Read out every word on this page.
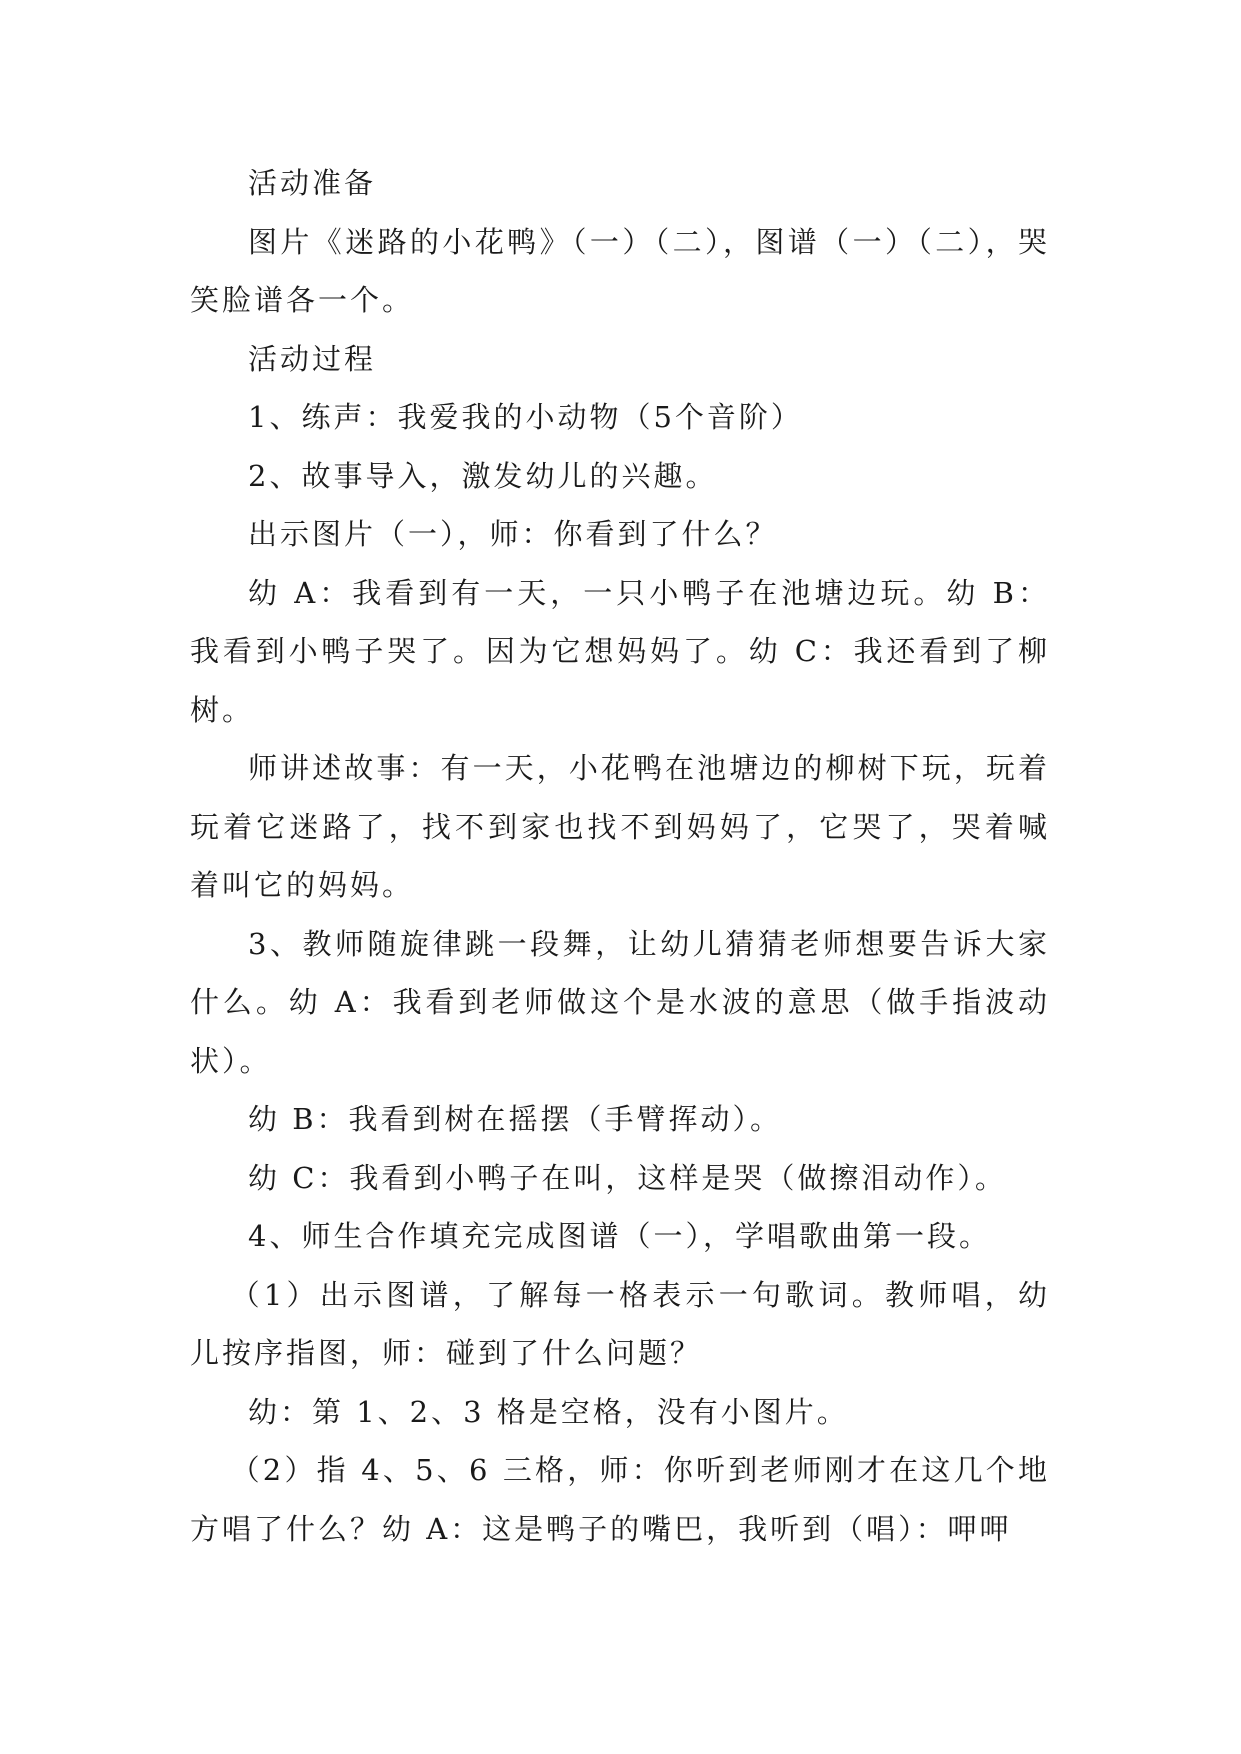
活动准备

图片《迷路的小花鸭》（一）（二），图谱（一）（二），哭笑脸谱各一个。

活动过程

1、练声：我爱我的小动物（5个音阶）

2、故事导入，激发幼儿的兴趣。

出示图片（一），师：你看到了什么？

幼 A：我看到有一天，一只小鸭子在池塘边玩。幼 B：我看到小鸭子哭了。因为它想妈妈了。幼 C：我还看到了柳树。

师讲述故事：有一天，小花鸭在池塘边的柳树下玩，玩着玩着它迷路了，找不到家也找不到妈妈了，它哭了，哭着喊着叫它的妈妈。

3、教师随旋律跳一段舞，让幼儿猜猜老师想要告诉大家什么。幼 A：我看到老师做这个是水波的意思（做手指波动状）。

幼 B：我看到树在摇摆（手臂挥动）。

幼 C：我看到小鸭子在叫，这样是哭（做擦泪动作）。

4、师生合作填充完成图谱（一），学唱歌曲第一段。

（1）出示图谱，了解每一格表示一句歌词。教师唱，幼儿按序指图，师：碰到了什么问题？

幼：第 1、2、3 格是空格，没有小图片。

（2）指 4、5、6 三格，师：你听到老师刚才在这几个地方唱了什么？幼 A：这是鸭子的嘴巴，我听到（唱）：呷呷
